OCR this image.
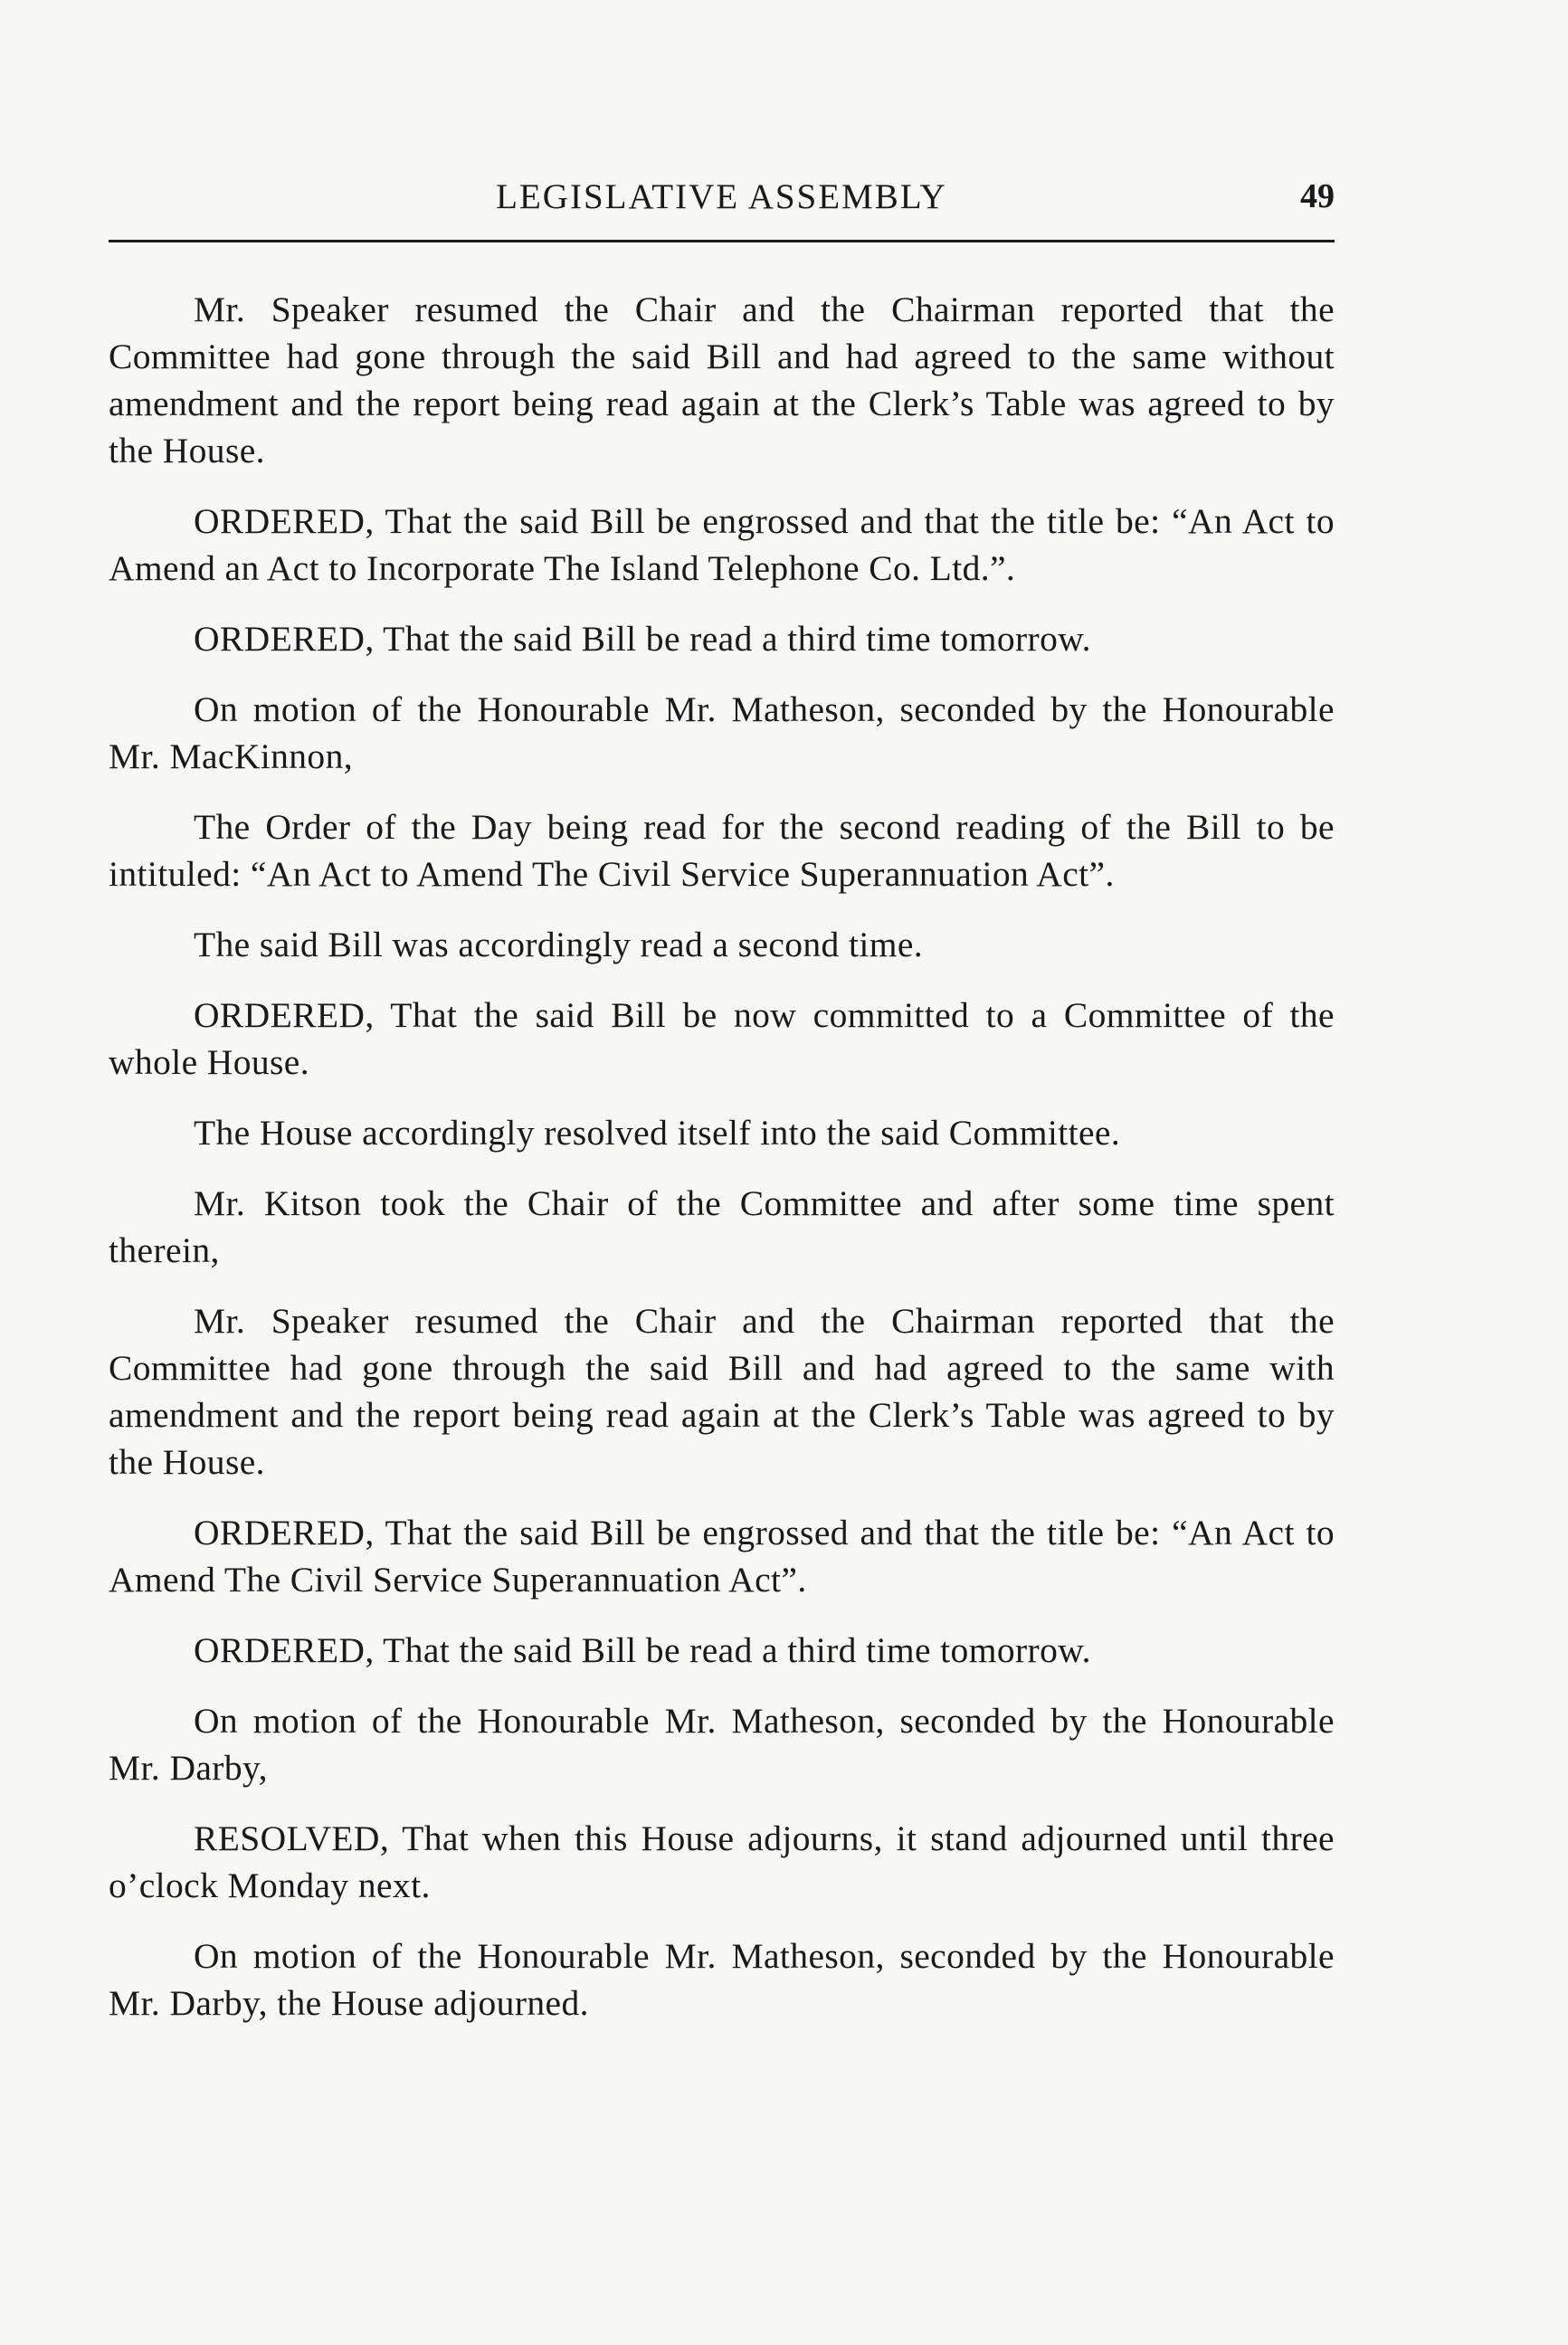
LEGISLATIVE ASSEMBLY	49

Mr. Speaker resumed the Chair and the Chairman reported that the Committee had gone through the said Bill and had agreed to the same without amendment and the report being read again at the Clerk’s Table was agreed to by the House.

ORDERED, That the said Bill be engrossed and that the title be: “An Act to Amend an Act to Incorporate The Island Telephone Co. Ltd.”.

ORDERED, That the said Bill be read a third time tomorrow.

On motion of the Honourable Mr. Matheson, seconded by the Honourable Mr. MacKinnon,

The Order of the Day being read for the second reading of the Bill to be intituled: “An Act to Amend The Civil Service Superannuation Act”.

The said Bill was accordingly read a second time.

ORDERED, That the said Bill be now committed to a Committee of the whole House.

The House accordingly resolved itself into the said Committee.

Mr. Kitson took the Chair of the Committee and after some time spent therein,

Mr. Speaker resumed the Chair and the Chairman reported that the Committee had gone through the said Bill and had agreed to the same with amendment and the report being read again at the Clerk’s Table was agreed to by the House.

ORDERED, That the said Bill be engrossed and that the title be: “An Act to Amend The Civil Service Superannuation Act”.

ORDERED, That the said Bill be read a third time tomorrow.

On motion of the Honourable Mr. Matheson, seconded by the Honourable Mr. Darby,

RESOLVED, That when this House adjourns, it stand adjourned until three o’clock Monday next.

On motion of the Honourable Mr. Matheson, seconded by the Honourable Mr. Darby, the House adjourned.
